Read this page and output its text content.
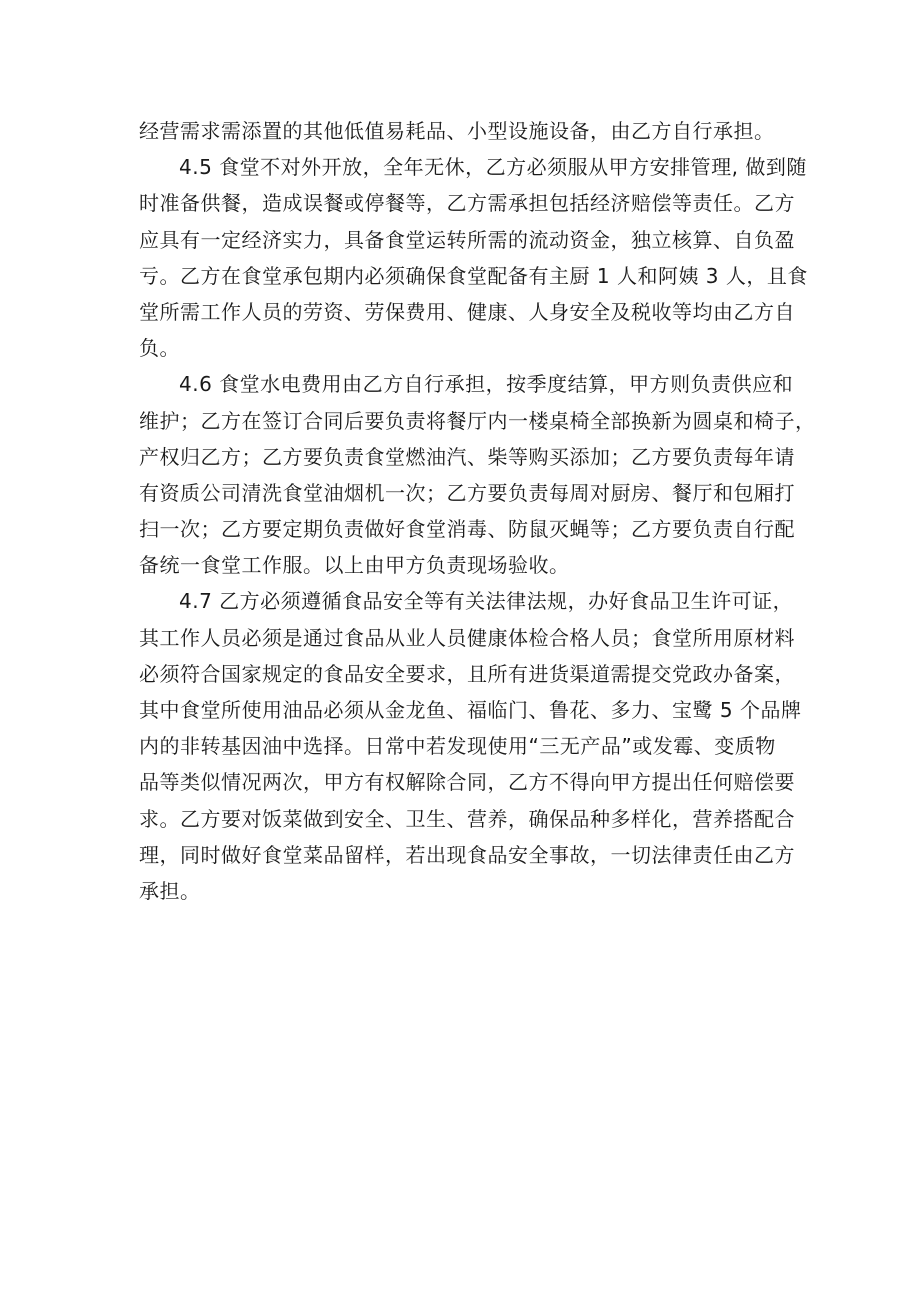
经营需求需添置的其他低值易耗品、小型设施设备，由乙方自行承担。
4.5 食堂不对外开放，全年无休，乙方必须服从甲方安排管理, 做到随
时准备供餐，造成误餐或停餐等，乙方需承担包括经济赔偿等责任。乙方
应具有一定经济实力，具备食堂运转所需的流动资金，独立核算、自负盈
亏。乙方在食堂承包期内必须确保食堂配备有主厨 1 人和阿姨 3 人，且食
堂所需工作人员的劳资、劳保费用、健康、人身安全及税收等均由乙方自
负。
4.6 食堂水电费用由乙方自行承担，按季度结算，甲方则负责供应和
维护；乙方在签订合同后要负责将餐厅内一楼桌椅全部换新为圆桌和椅子，
产权归乙方；乙方要负责食堂燃油汽、柴等购买添加；乙方要负责每年请
有资质公司清洗食堂油烟机一次；乙方要负责每周对厨房、餐厅和包厢打
扫一次；乙方要定期负责做好食堂消毒、防鼠灭蝇等；乙方要负责自行配
备统一食堂工作服。以上由甲方负责现场验收。
4.7 乙方必须遵循食品安全等有关法律法规，办好食品卫生许可证，
其工作人员必须是通过食品从业人员健康体检合格人员；食堂所用原材料
必须符合国家规定的食品安全要求，且所有进货渠道需提交党政办备案，
其中食堂所使用油品必须从金龙鱼、福临门、鲁花、多力、宝鹭 5 个品牌
内的非转基因油中选择。日常中若发现使用“三无产品”或发霉、变质物
品等类似情况两次，甲方有权解除合同，乙方不得向甲方提出任何赔偿要
求。乙方要对饭菜做到安全、卫生、营养，确保品种多样化，营养搭配合
理，同时做好食堂菜品留样，若出现食品安全事故，一切法律责任由乙方
承担。
